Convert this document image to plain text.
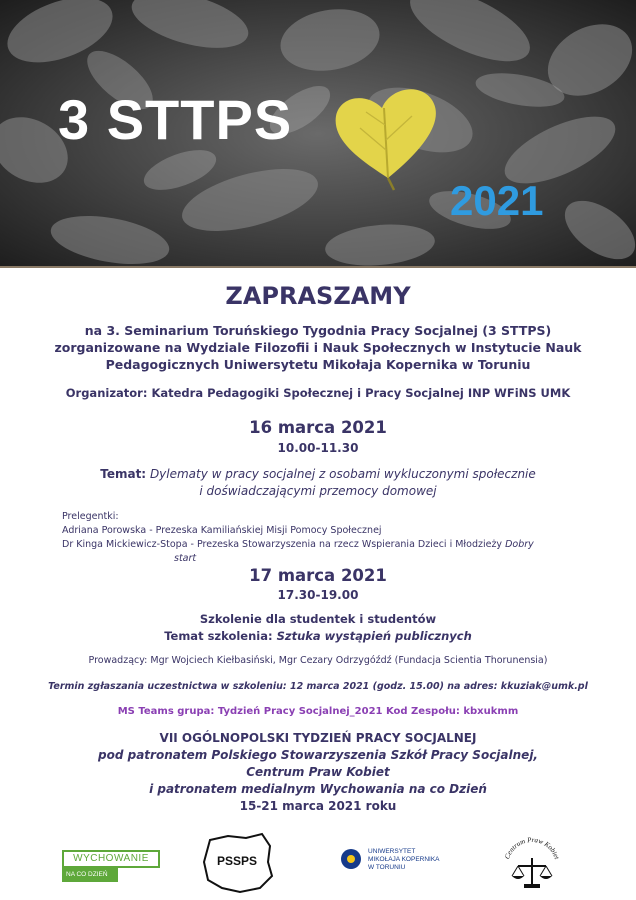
3 STTPS
2021
ZAPRASZAMY
na 3. Seminarium Toruńskiego Tygodnia Pracy Socjalnej (3 STTPS)
zorganizowane na Wydziale Filozofii i Nauk Społecznych w Instytucie Nauk
Pedagogicznych Uniwersytetu Mikołaja Kopernika w Toruniu
Organizator: Katedra Pedagogiki Społecznej i Pracy Socjalnej INP WFiNS UMK
16 marca 2021
10.00-11.30
Temat: Dylematy w pracy socjalnej z osobami wykluczonymi społecznie
i doświadczającymi przemocy domowej
Prelegentki:
Adriana Porowska - Prezeska Kamiliańskiej Misji Pomocy Społecznej
Dr Kinga Mickiewicz-Stopa - Prezeska Stowarzyszenia na rzecz Wspierania Dzieci i Młodzieży Dobry
start
17 marca 2021
17.30-19.00
Szkolenie dla studentek i studentów
Temat szkolenia: Sztuka wystąpień publicznych
Prowadzący: Mgr Wojciech Kiełbasiński, Mgr Cezary Odrzygóźdź (Fundacja Scientia Thorunensia)
Termin zgłaszania uczestnictwa w szkoleniu: 12 marca 2021 (godz. 15.00) na adres: kkuziak@umk.pl
MS Teams grupa: Tydzień Pracy Socjalnej_2021 Kod Zespołu: kbxukmm
VII OGÓLNOPOLSKI TYDZIEŃ PRACY SOCJALNEJ
pod patronatem Polskiego Stowarzyszenia Szkół Pracy Socjalnej,
Centrum Praw Kobiet
i patronatem medialnym Wychowania na co Dzień
15-21 marca 2021 roku
WYCHOWANIE
NA CO DZIEŃ
PSSPS
UNIWERSYTET
MIKOŁAJA KOPERNIKA
W TORUNIU
Centrum Praw Kobiet
